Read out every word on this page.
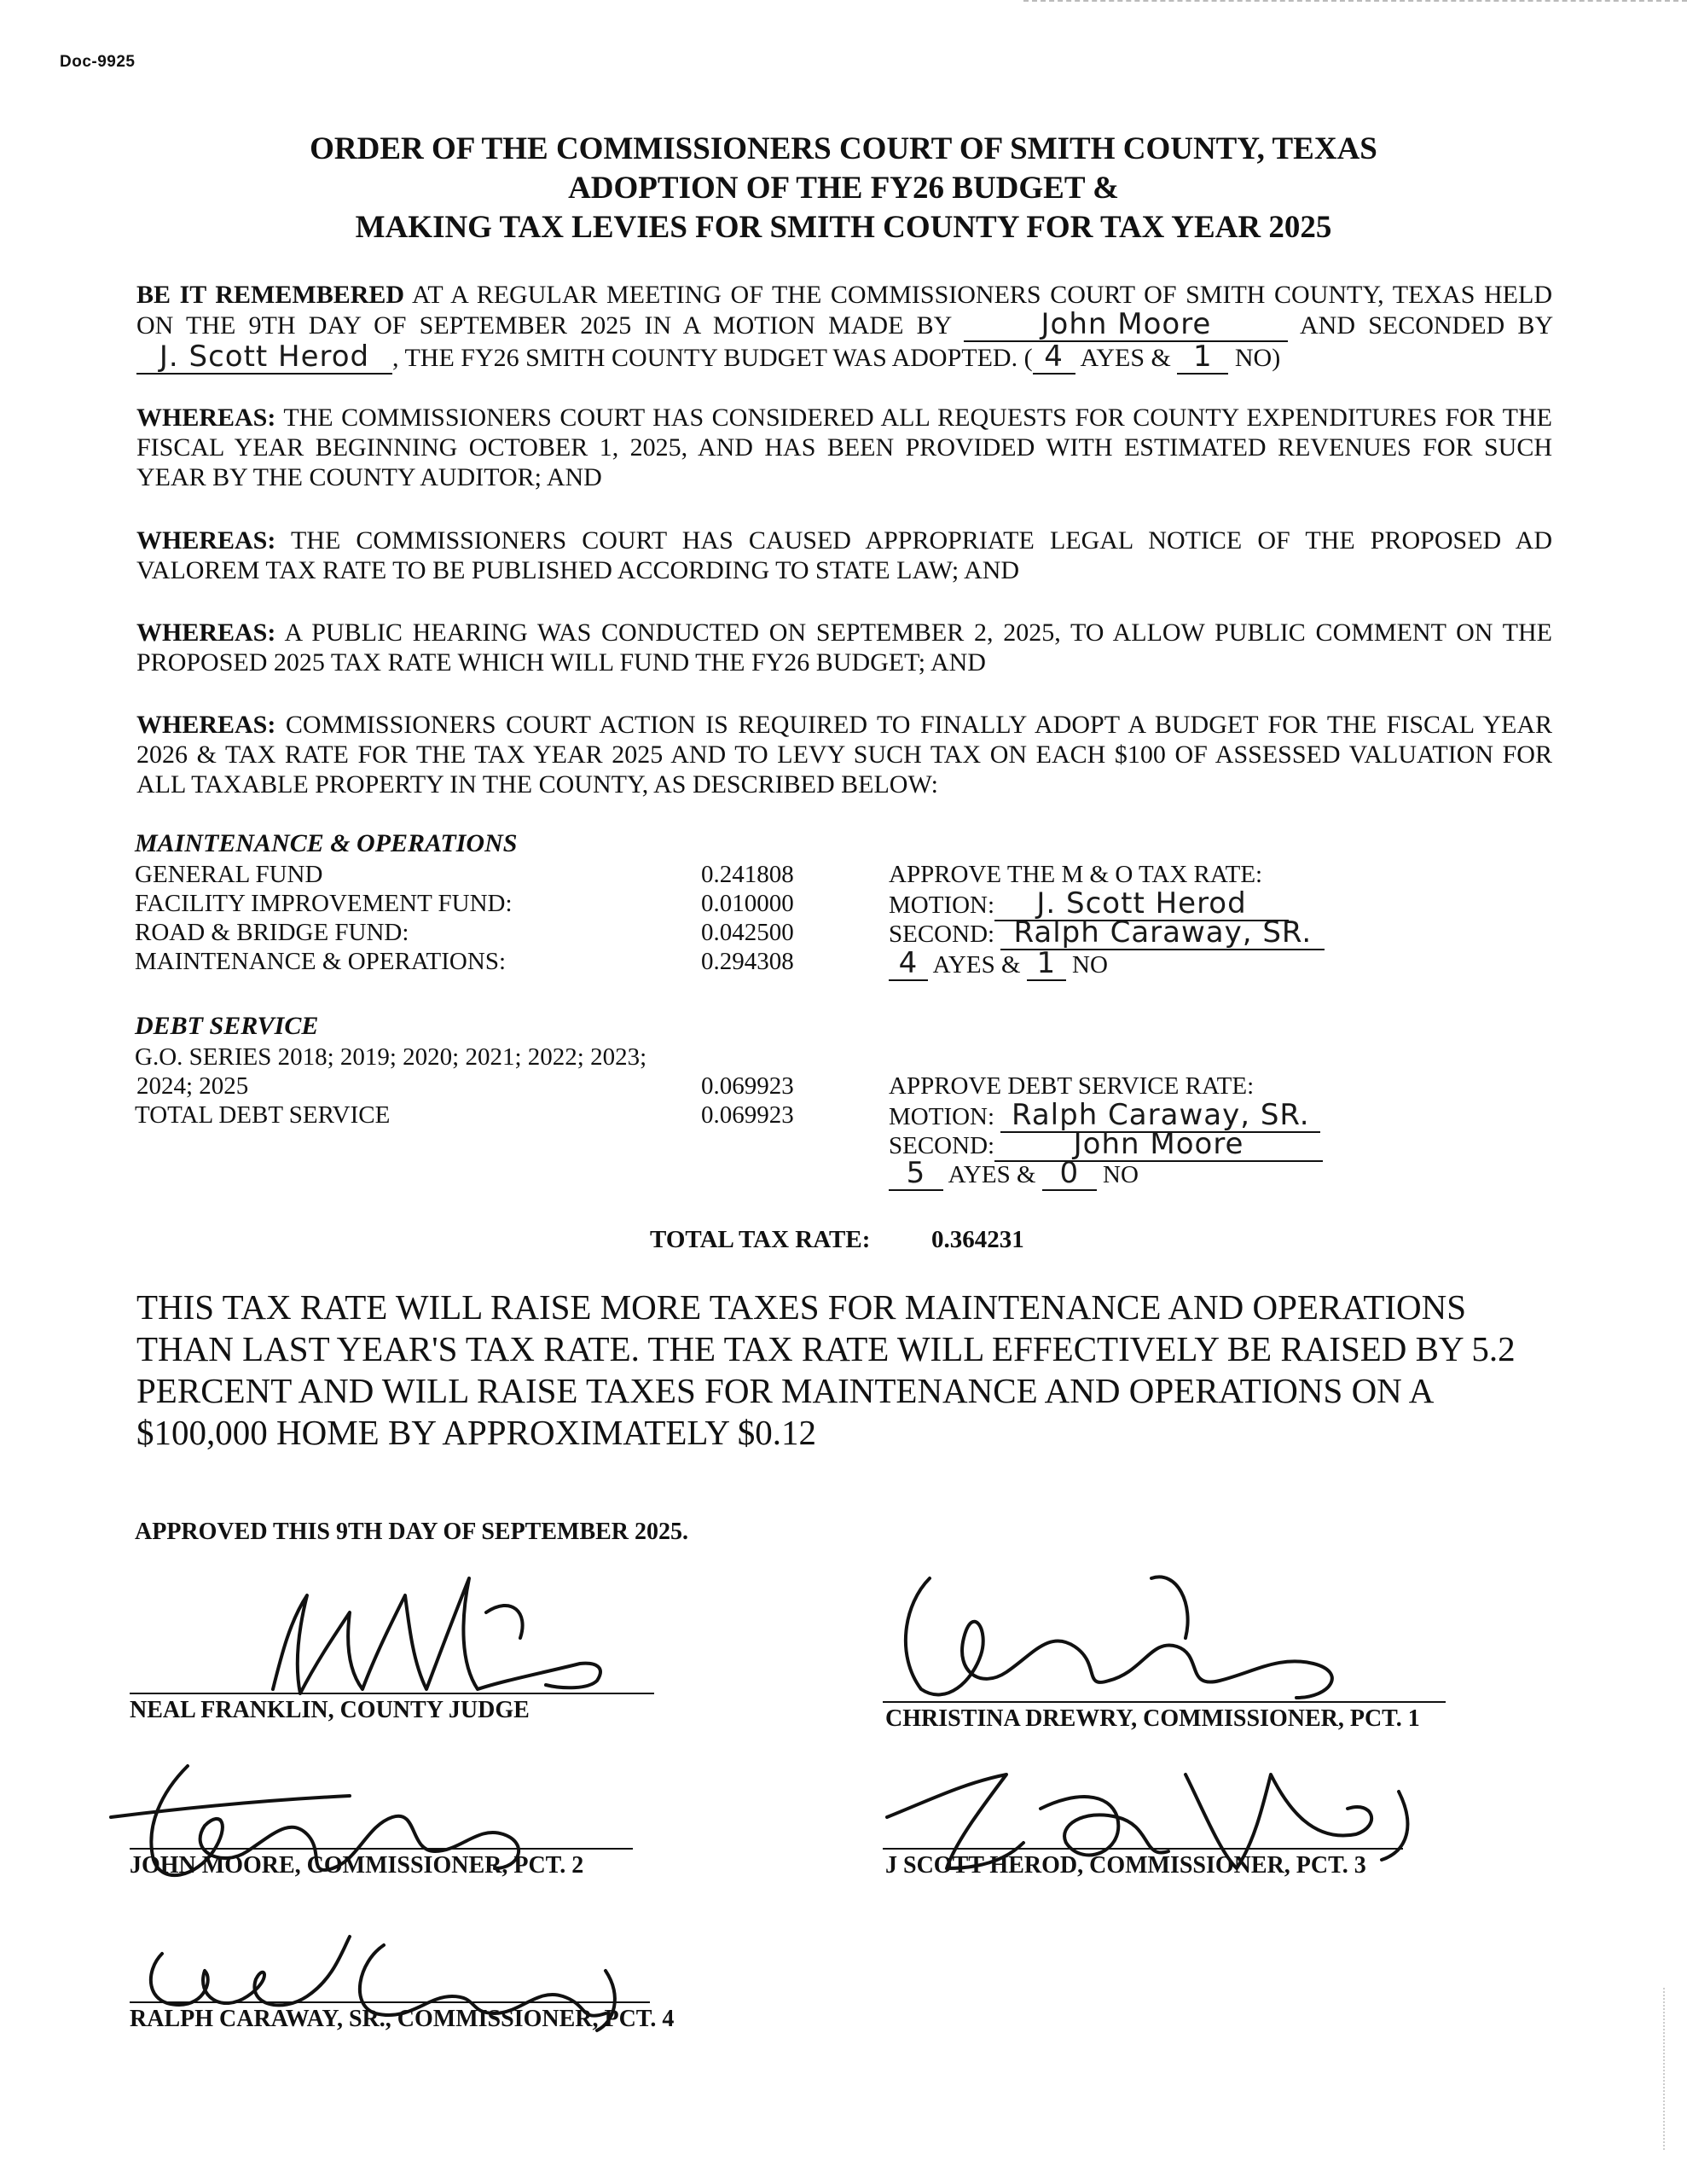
Doc-9925
ORDER OF THE COMMISSIONERS COURT OF SMITH COUNTY, TEXAS
ADOPTION OF THE FY26 BUDGET &
MAKING TAX LEVIES FOR SMITH COUNTY FOR TAX YEAR 2025
BE IT REMEMBERED AT A REGULAR MEETING OF THE COMMISSIONERS COURT OF SMITH COUNTY, TEXAS HELD ON THE 9TH DAY OF SEPTEMBER 2025 IN A MOTION MADE BY	John Moore	AND SECONDED BY J. Scott Herod , THE FY26 SMITH COUNTY BUDGET WAS ADOPTED. ( 4 AYES & 1 NO)
WHEREAS: THE COMMISSIONERS COURT HAS CONSIDERED ALL REQUESTS FOR COUNTY EXPENDITURES FOR THE FISCAL YEAR BEGINNING OCTOBER 1, 2025, AND HAS BEEN PROVIDED WITH ESTIMATED REVENUES FOR SUCH YEAR BY THE COUNTY AUDITOR; AND
WHEREAS: THE COMMISSIONERS COURT HAS CAUSED APPROPRIATE LEGAL NOTICE OF THE PROPOSED AD VALOREM TAX RATE TO BE PUBLISHED ACCORDING TO STATE LAW; AND
WHEREAS: A PUBLIC HEARING WAS CONDUCTED ON SEPTEMBER 2, 2025, TO ALLOW PUBLIC COMMENT ON THE PROPOSED 2025 TAX RATE WHICH WILL FUND THE FY26 BUDGET; AND
WHEREAS: COMMISSIONERS COURT ACTION IS REQUIRED TO FINALLY ADOPT A BUDGET FOR THE FISCAL YEAR 2026 & TAX RATE FOR THE TAX YEAR 2025 AND TO LEVY SUCH TAX ON EACH $100 OF ASSESSED VALUATION FOR ALL TAXABLE PROPERTY IN THE COUNTY, AS DESCRIBED BELOW:
MAINTENANCE & OPERATIONS
GENERAL FUND	0.241808
FACILITY IMPROVEMENT FUND:	0.010000
ROAD & BRIDGE FUND:	0.042500
MAINTENANCE & OPERATIONS:	0.294308
APPROVE THE M & O TAX RATE:
MOTION: J. Scott Herod
SECOND: Ralph Caraway, SR.
4 AYES & 1 NO
DEBT SERVICE
G.O. SERIES 2018; 2019; 2020; 2021; 2022; 2023;
2024; 2025	0.069923
TOTAL DEBT SERVICE	0.069923
APPROVE DEBT SERVICE RATE:
MOTION: Ralph Caraway, SR.
SECOND:	John Moore
5 AYES & 0 NO
TOTAL TAX RATE: 0.364231
THIS TAX RATE WILL RAISE MORE TAXES FOR MAINTENANCE AND OPERATIONS THAN LAST YEAR'S TAX RATE. THE TAX RATE WILL EFFECTIVELY BE RAISED BY 5.2 PERCENT AND WILL RAISE TAXES FOR MAINTENANCE AND OPERATIONS ON A $100,000 HOME BY APPROXIMATELY $0.12
APPROVED THIS 9TH DAY OF SEPTEMBER 2025.
NEAL FRANKLIN, COUNTY JUDGE	CHRISTINA DREWRY, COMMISSIONER, PCT. 1
JOHN MOORE, COMMISSIONER, PCT. 2	J SCOTT HEROD, COMMISSIONER, PCT. 3
RALPH CARAWAY, SR., COMMISSIONER, PCT. 4
